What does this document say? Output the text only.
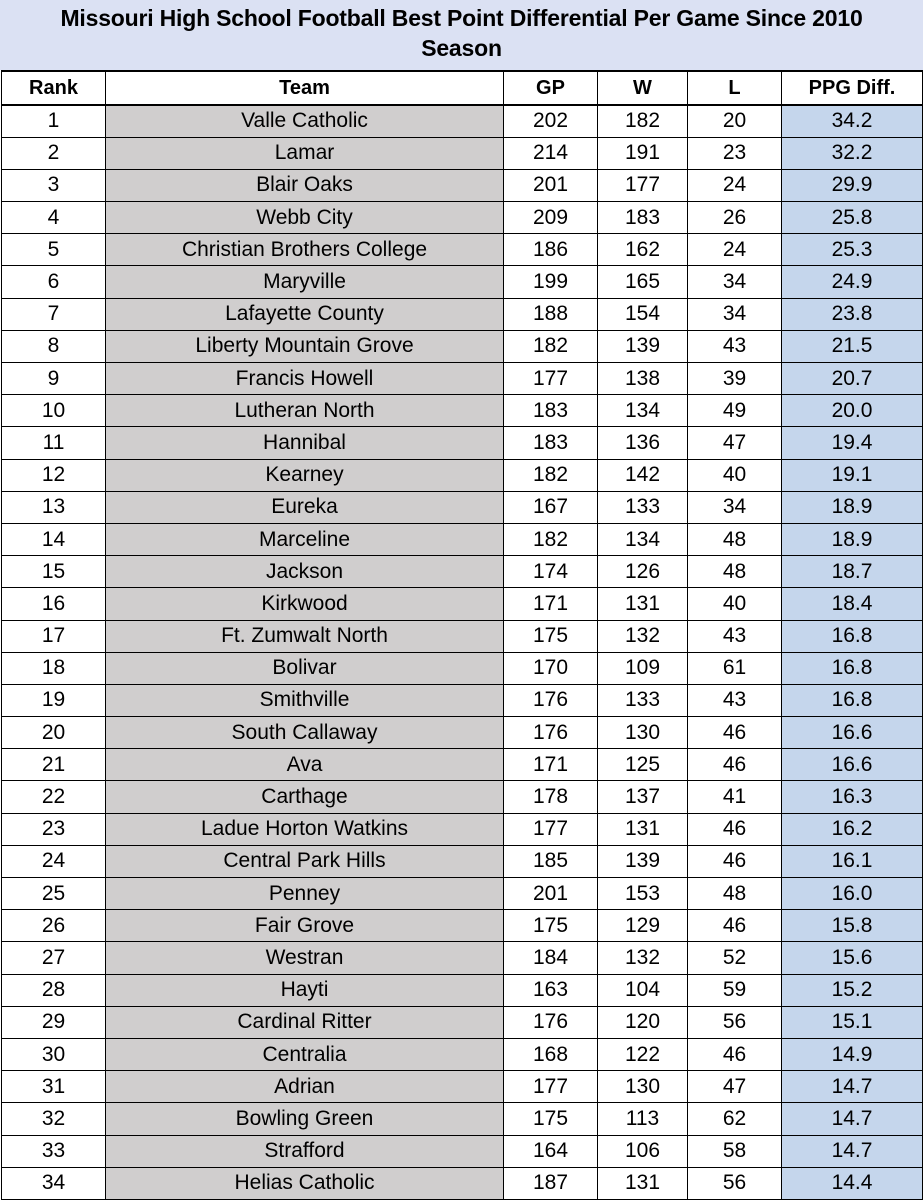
Missouri High School Football Best Point Differential Per Game Since 2010
Season
Rank	Team	GP	W	L	PPG Diff.
1	Valle Catholic	202	182	20	34.2
2	Lamar	214	191	23	32.2
3	Blair Oaks	201	177	24	29.9
4	Webb City	209	183	26	25.8
5	Christian Brothers College	186	162	24	25.3
6	Maryville	199	165	34	24.9
7	Lafayette County	188	154	34	23.8
8	Liberty Mountain Grove	182	139	43	21.5
9	Francis Howell	177	138	39	20.7
10	Lutheran North	183	134	49	20.0
11	Hannibal	183	136	47	19.4
12	Kearney	182	142	40	19.1
13	Eureka	167	133	34	18.9
14	Marceline	182	134	48	18.9
15	Jackson	174	126	48	18.7
16	Kirkwood	171	131	40	18.4
17	Ft. Zumwalt North	175	132	43	16.8
18	Bolivar	170	109	61	16.8
19	Smithville	176	133	43	16.8
20	South Callaway	176	130	46	16.6
21	Ava	171	125	46	16.6
22	Carthage	178	137	41	16.3
23	Ladue Horton Watkins	177	131	46	16.2
24	Central Park Hills	185	139	46	16.1
25	Penney	201	153	48	16.0
26	Fair Grove	175	129	46	15.8
27	Westran	184	132	52	15.6
28	Hayti	163	104	59	15.2
29	Cardinal Ritter	176	120	56	15.1
30	Centralia	168	122	46	14.9
31	Adrian	177	130	47	14.7
32	Bowling Green	175	113	62	14.7
33	Strafford	164	106	58	14.7
34	Helias Catholic	187	131	56	14.4
